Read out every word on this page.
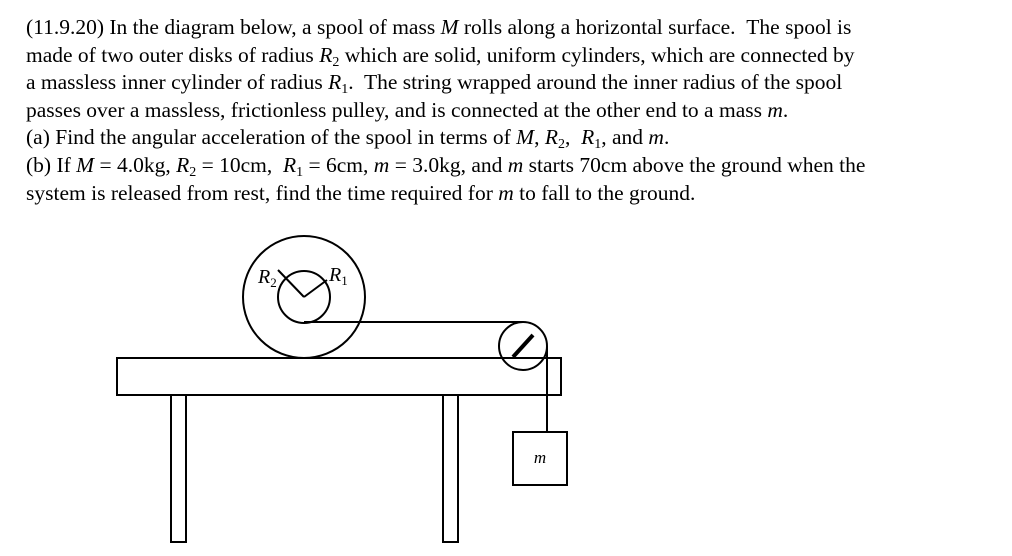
(11.9.20) In the diagram below, a spool of mass M rolls along a horizontal surface.  The spool is

made of two outer disks of radius $R_2$ which are solid, uniform cylinders, which are connected by

a massless inner cylinder of radius $R_1$.  The string wrapped around the inner radius of the spool

passes over a massless, frictionless pulley, and is connected at the other end to a mass m.

(a) Find the angular acceleration of the spool in terms of M, $R_2$,  $R_1$, and m.

(b) If M = 4.0kg, $R_2 = 10cm$,  $R_1 = 6cm$, m = 3.0kg, and m starts 70cm above the ground when the

system is released from rest, find the time required for m to fall to the ground.

$R_2$	$R_1$
m
